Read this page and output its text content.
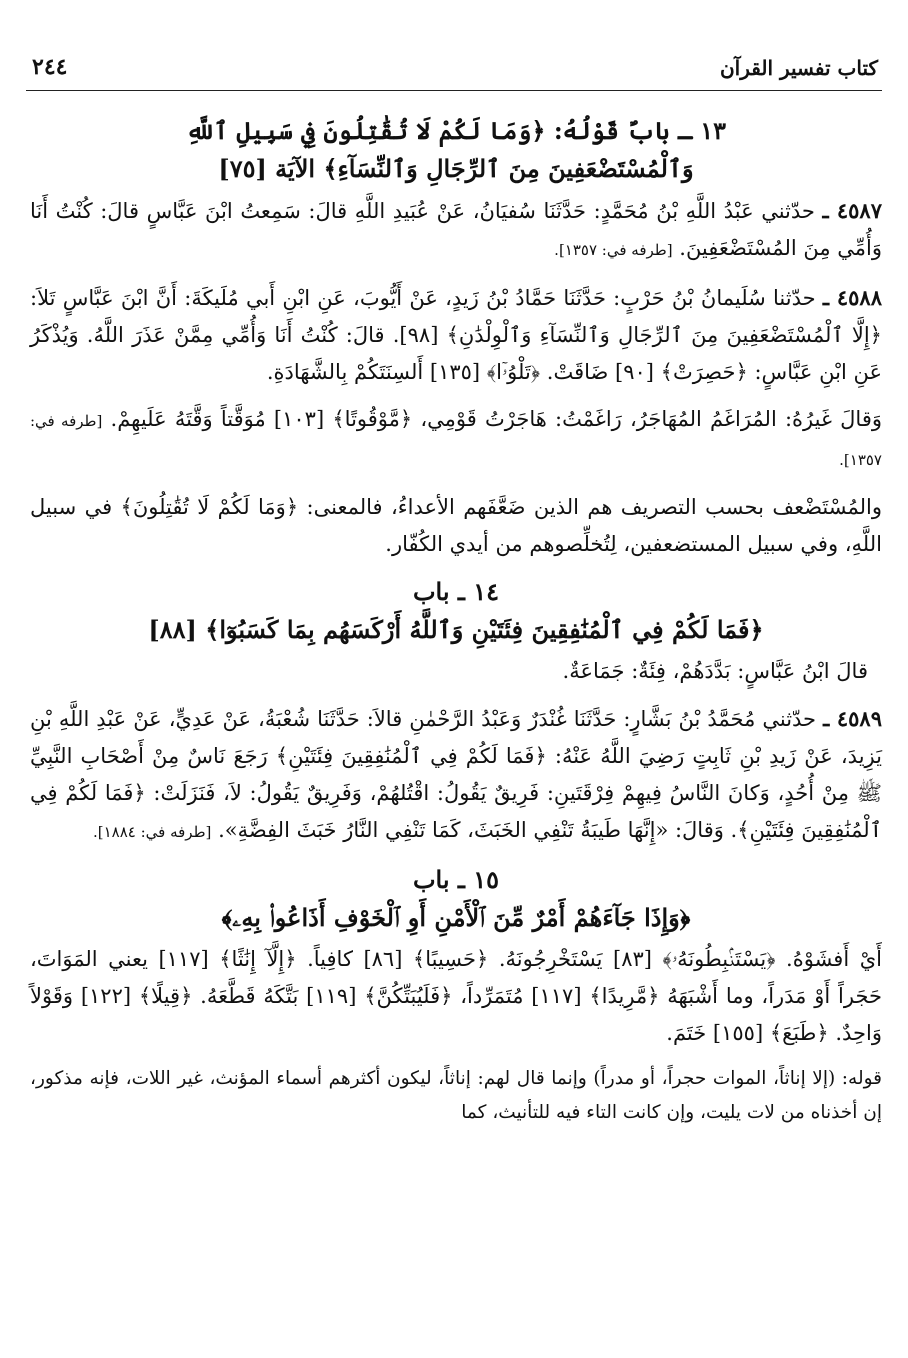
كتاب تفسير القرآن
٢٤٤
١٣ ـ بابٌ قَوْلُهُ: ﴿وَمَا لَكُمْ لَا تُقَٰتِلُونَ فِي سَبِيلِ ٱللَّهِ
وَٱلْمُسْتَضْعَفِينَ مِنَ ٱلرِّجَالِ وَٱلنِّسَآءِ﴾ الآيَة [٧٥]

٤٥٨٧ ـ حدّثني عَبْدُ اللَّهِ بْنُ مُحَمَّدٍ: حَدَّثَنَا سُفيَانُ، عَنْ عُبَيدِ اللَّهِ قالَ: سَمِعتُ ابْنَ عَبَّاسٍ قالَ: كُنْتُ أَنَا وَأُمِّي مِنَ المُسْتَضْعَفِينَ. [طرفه في: ١٣٥٧].

٤٥٨٨ ـ حدّثنا سُلَيمانُ بْنُ حَرْبٍ: حَدَّثَنَا حَمَّادُ بْنُ زَيدٍ، عَنْ أَيُّوبَ، عَنِ ابْنِ أَبي مُلَيكَةَ: أَنَّ ابْنَ عَبَّاسٍ تَلاَ: ﴿إِلَّا ٱلْمُسْتَضْعَفِينَ مِنَ ٱلرِّجَالِ وَٱلنِّسَآءِ وَٱلْوِلْدَٰنِ﴾ [٩٨]. قالَ: كُنْتُ أَنَا وَأُمِّي مِمَّنْ عَذَرَ اللَّهُ. وَيُذْكَرُ عَنِ ابْنِ عَبَّاسٍ: ﴿حَصِرَتْ﴾ [٩٠] ضَاقَتْ. ﴿تَلْوُۥٓا﴾ [١٣٥] أَلسِنَتَكُمْ بِالشَّهَادَةِ.

وَقالَ غَيرُهُ: المُرَاغَمُ المُهَاجَرُ، رَاغَمْتُ: هَاجَرْتُ قَوْمِي، ﴿مَّوْقُوتًا﴾ [١٠٣] مُوَقَّتاً وَقَّتَهُ عَلَيهِمْ. [طرفه في: ١٣٥٧].

والمُسْتَضْعف بحسب التصريف هم الذين ضَعَّفَهم الأعداءُ، فالمعنى: ﴿وَمَا لَكُمْ لَا تُقَٰتِلُونَ﴾ في سبيل اللَّهِ، وفي سبيل المستضعفين، لِتُخلِّصوهم من أيدي الكُفّار.

١٤ ـ باب
﴿فَمَا لَكُمْ فِي ٱلْمُنَٰفِقِينَ فِئَتَيْنِ وَٱللَّهُ أَرْكَسَهُم بِمَا كَسَبُوٓا﴾ [٨٨]

قالَ ابْنُ عَبَّاسٍ: بَدَّدَهُمْ، فِئَةٌ: جَمَاعَةٌ.

٤٥٨٩ ـ حدّثني مُحَمَّدُ بْنُ بَشَّارٍ: حَدَّثَنَا غُنْدَرٌ وَعَبْدُ الرَّحْمٰنِ قالاَ: حَدَّثَنَا شُعْبَةُ، عَنْ عَدِيٍّ، عَنْ عَبْدِ اللَّهِ بْنِ يَزِيدَ، عَنْ زَيدِ بْنِ ثَابِتٍ رَضِيَ اللَّهُ عَنْهُ: ﴿فَمَا لَكُمْ فِي ٱلْمُنَٰفِقِينَ فِئَتَيْنِ﴾ رَجَعَ نَاسٌ مِنْ أَصْحَابِ النَّبِيِّ ﷺ مِنْ أُحُدٍ، وَكانَ النَّاسُ فِيهِمْ فِرْقَتَينِ: فَرِيقٌ يَقُولُ: اقْتُلهُمْ، وَفَرِيقٌ يَقُولُ: لاَ، فَنَزَلَتْ: ﴿فَمَا لَكُمْ فِي ٱلْمُنَٰفِقِينَ فِئَتَيْنِ﴾. وَقالَ: «إِنَّهَا طَيبَةُ تَنْفِي الخَبَثَ، كَمَا تَنْفِي النَّارُ خَبَثَ الفِضَّةِ». [طرفه في: ١٨٨٤].

١٥ ـ باب
﴿وَإِذَا جَآءَهُمْ أَمْرٌ مِّنَ ٱلْأَمْنِ أَوِ ٱلْخَوْفِ أَذَاعُوا۟ بِهِۦ﴾

أَيْ أَفشَوْهُ. ﴿يَسْتَنۢبِطُونَهُۥ﴾ [٨٣] يَسْتَخْرِجُونَهُ. ﴿حَسِيبًا﴾ [٨٦] كافِياً. ﴿إِلَّآ إِنَٰثًا﴾ [١١٧] يعني المَوَاتَ، حَجَراً أَوْ مَدَراً، وما أَشْبَهَهُ ﴿مَّرِيدًا﴾ [١١٧] مُتَمَرِّداً، ﴿فَلَيُبَتِّكُنَّ﴾ [١١٩] بَتَّكَهُ قَطَّعَهُ. ﴿قِيلًا﴾ [١٢٢] وَقَوْلاً وَاحِدٌ. ﴿طَبَعَ﴾ [١٥٥] خَتَمَ.

قوله: (إلا إناثاً، الموات حجراً، أو مدراً) وإنما قال لهم: إناثاً، ليكون أكثرهم أسماء المؤنث، غير اللات، فإنه مذكور، إن أخذناه من لات يليت، وإن كانت التاء فيه للتأنيث، كما
